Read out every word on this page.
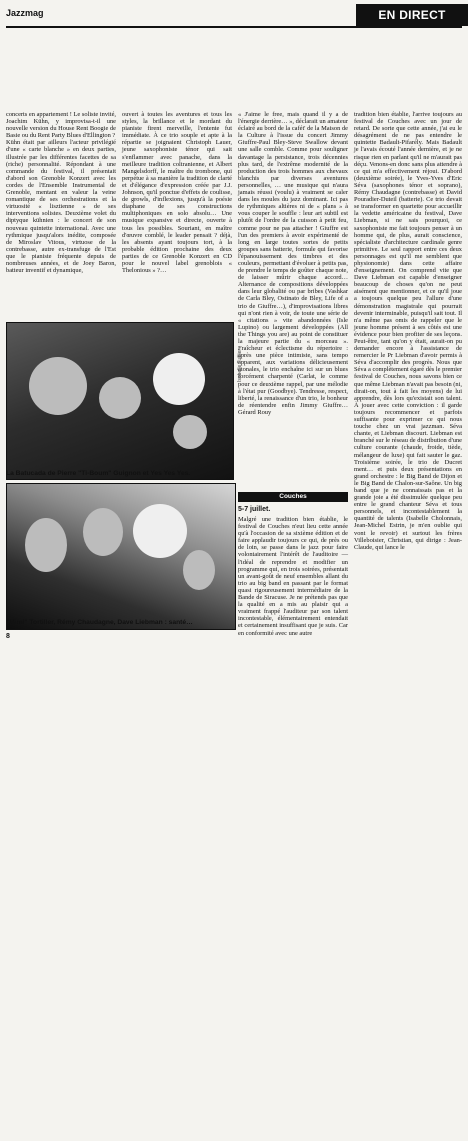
Jazzmag	EN DIRECT

concerts en appartement ! Le soliste invité, Joachim Kühn, y improvisa-t-il une nouvelle version du House Rent Boogie de Basie ou du Rent Party Blues d'Ellington ?

Kühn était par ailleurs l'acteur privilégié d'une « carte blanche » en deux parties, illustrée par les différentes facettes de sa (riche) personnalité. Répondant à une commande du festival, il présentait d'abord son Grenoble Konzert avec les cordes de l'Ensemble Instrumental de Grenoble, mentant en valeur la veine romantique de ses orchestrations et la virtuosité « lisztienne » de ses interventions solistes. Deuxième volet du diptyque kühnien : le concert de son nouveau quintette international. Avec une rythmique jusqu'alors inédite, composée de Miroslav Vitous, virtuose de la contrebasse, autre ex-transfuge de l'Est que le pianiste fréquente depuis de nombreuses années, et de Joey Baron, batteur inventif et dynamique,

ouvert à toutes les aventures et tous les styles, la brillance et le mordant du pianiste firent merveille, l'entente fut immédiate. À ce trio souple et apte à la répartie se joignaient Christoph Lauer, jeune saxophoniste ténor qui sait s'enflammer avec panache, dans la meilleure tradition coltranienne, et Albert Mangelsdorff, le maître du trombone, qui perpétue à sa manière la tradition de clarté et d'élégance d'expression créée par J.J. Johnson, qu'il ponctue d'effets de coulisse, de growls, d'inflexions, jusqu'à la poésie diaphane de ses constructions multiphoniques en solo absolu… Une musique expansive et directe, ouverte à tous les possibles. Souriant, en maître d'œuvre comblé, le leader pensait ? déjà, les absents ayant toujours tort, à la probable édition prochaine des deux parties de ce Grenoble Konzert en CD pour le nouvel label grenoblois « Thelonious » ?…

« J'aime le free, mais quand il y a de l'énergie derrière… », déclarait un amateur éclairé au bord de la cafét' de la Maison de la Culture à l'issue du concert Jimmy Giuffre-Paul Bley-Steve Swallow devant une salle comble. Comme pour souligner davantage la persistance, trois décennies plus tard, de l'extrême modernité de la production des trois hommes aux chevaux blanchis par diverses aventures personnelles, … une musique qui n'aura jamais réussi (voulu) à vraiment se caler dans les moules du jazz dominant. Ici pas de rythmiques altières ni de « plans » à vous couper le souffle : leur art subtil est plutôt de l'ordre de la cuisson à petit feu, comme pour ne pas attacher ! Giuffre est l'un des premiers à avoir expérimenté de long en large toutes sortes de petits groupes sans batterie, formule qui favorise l'épanouissement des timbres et des couleurs, permettant d'évoluer à petits pas, de prendre le temps de goûter chaque note, de laisser mûrir chaque accord… Alternance de compositions développées dans leur globalité ou par bribes (Vashkar de Carla Bley, Ostinato de Bley, Life of a trio de Giuffre…), d'improvisations libres qui n'ont rien à voir, de toute une série de « citations » vite abandonnées (Isle Lupino) ou largement développées (All the Things you are) au point de constituer la majeure partie du « morceau ». Fraîcheur et éclectisme du répertoire : après une pièce intimiste, sans tempo apparent, aux variations délicieusement atonales, le trio enchaîne ici sur un blues forcément charpenté (Carlat, le comme pour ce deuxième rappel, par une mélodie à l'état pur (Goodbye). Tendresse, respect, liberté, la renaissance d'un trio, le bonheur de réentendre enfin Jimmy Giuffre… Gérard Rouy

tradition bien établie, l'arrive toujours au festival de Couches avec un jour de retard. De sorte que cette année, j'ai eu le désagrément de ne pas entendre le quintette Badault-Pifarély. Mais Badault je l'avais écouté l'année dernière, et je ne risque rien en parlant qu'il ne m'aurait pas déçu. Venons-en donc sans plus attendre à ce qui m'a effectivement réjoui. D'abord (deuxième soirée), le Yves-Yves d'Eric Séva (saxophones ténor et soprano), Rémy Chaudagne (contrebasse) et David Pouradier-Duteil (batterie). Ce trio devait se transformer en quartette pour accueillir la vedette américaine du festival, Dave Liebman, si ne sais pourquoi, ce saxophoniste me fait toujours penser à un homme qui, de plus, aurait conscience, spécialiste d'architecture cardinale genre primitive. Le seul rapport entre ces deux personnages est qu'il me semblent que physionomie) dans cette affaire d'enseignement. On comprend vite que Dave Liebman est capable d'enseigner beaucoup de choses qu'on ne peut aisément que mentionner, et ce qu'il joue a toujours quelque peu l'allure d'une démonstration magistrale qui pourrait devenir interminable, puisqu'il sait tout. Il n'a même pas omis de rappeler que le jeune homme présent à ses côtés est une évidence pour bien profiter de ses leçons. Peut-être, tant qu'on y était, aurait-on pu demander encore à l'assistance de remercier le Pr Liebman d'avoir permis à Séva d'accomplir des progrès. Nous que Séva a complètement égaré dès le premier festival de Couches, nous savons bien ce que même Liebman n'avait pas besoin (ni, dirait-on, tout à fait les moyens) de lui apprendre, dès lors qu'existait son talent. À jouer avec cette conviction : il garde toujours recommencer et parfois suffisante pour exprimer ce qui nous touche chez un vrai jazzman. Séva chante, et Liebman discourt. Liebman est branché sur le réseau de distribution d'une culture courante (chaude, froide, tiède, mélangeur de luxe) qui fait sauter le gaz. Troisième soirée, le trio de Ducret ment… et puis deux présentations en grand orchestre : le Big Band de Dijon et le Big Band de Chalon-sur-Saône. Un big band que je ne connaissais pas et la grande joie a été dissimulée quelque peu entre le grand chanteur Séva et tous personnels, et incontestablement la quantité de talents (Isabelle Cholonnais, Jean-Michel Estrin, je m'en oublie qui vont le revoir) et surtout les frères Villeboisier, Christian, qui dirige : Jean-Claude, qui lance le

Isabelle Tuillier
La Batucada de Pierre "Ti-Boum" Guignon et Yes Yes Yes.
"Mimi" Tortiller, Rémy Chaudagne, Dave Liebman : santé…
Couches
5-7 juillet.

Malgré une tradition bien établie, le festival de Couches n'eut lieu cette année qu'à l'occasion de sa sixième édition et de faire applaudir toujours ce qui, de près ou de loin, se passe dans le jazz pour faire volontairement l'intérêt de l'auditoire — l'idéal de reprendre et modifier un programme qui, en trois soirées, présentait un avant-goût de neuf ensembles allant du trio au big band en passant par le format quasi rigoureusement intermédiaire de la Bande de Siracuse. Je ne prétends pas que la qualité en a mis au plaisir qui a vraiment frappé l'auditeur par son talent incontestable, élémentairement entendait et certainement insuffisant que je suis. Car en conformité avec une autre

8
